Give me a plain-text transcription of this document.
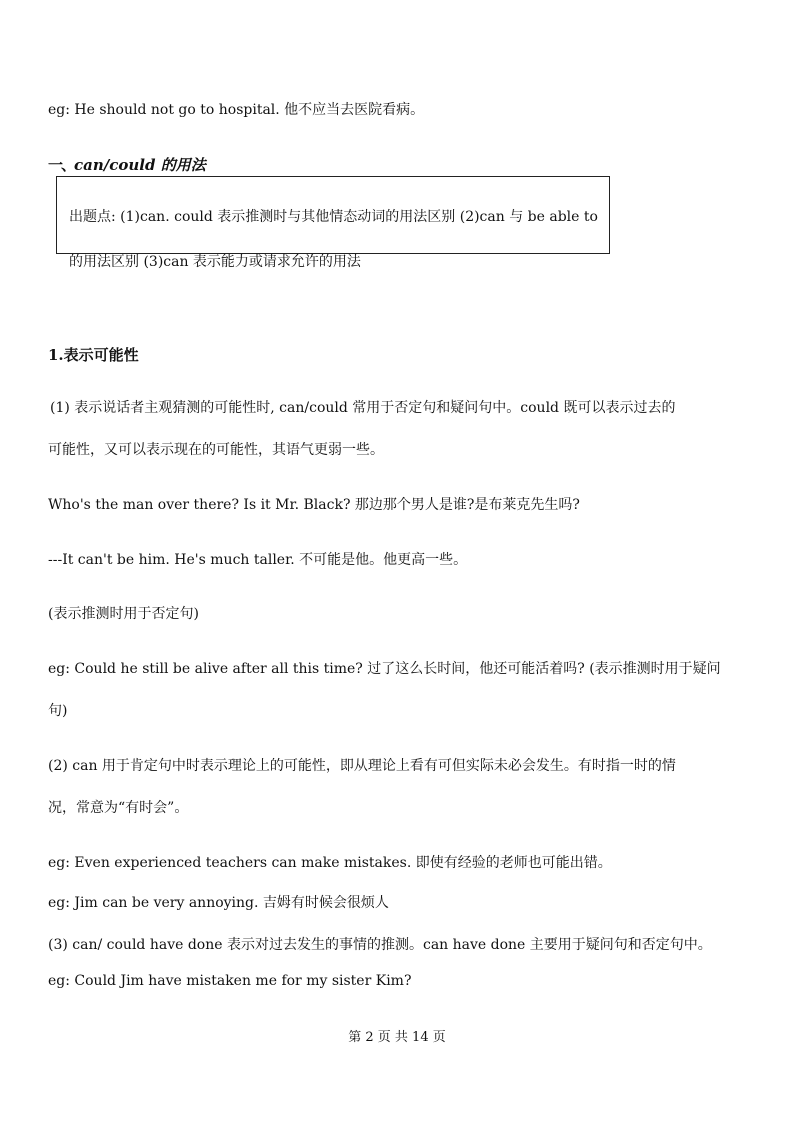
eg: He should not go to hospital. 他不应当去医院看病。
一、can/could 的用法
出题点: (1)can. could 表示推测时与其他情态动词的用法区别 (2)can 与 be able to 的用法区别 (3)can 表示能力或请求允许的用法
1.表示可能性
(1) 表示说话者主观猜测的可能性时, can/could 常用于否定句和疑问句中。could 既可以表示过去的
可能性，又可以表示现在的可能性，其语气更弱一些。
Who's the man over there? Is it Mr. Black? 那边那个男人是谁?是布莱克先生吗?
---It can't be him. He's much taller. 不可能是他。他更高一些。
(表示推测时用于否定句)
eg: Could he still be alive after all this time? 过了这么长时间，他还可能活着吗? (表示推测时用于疑问
句)
(2) can 用于肯定句中时表示理论上的可能性，即从理论上看有可但实际未必会发生。有时指一时的情
况，常意为“有时会”。
eg: Even experienced teachers can make mistakes. 即使有经验的老师也可能出错。
eg: Jim can be very annoying. 吉姆有时候会很烦人
(3) can/ could have done 表示对过去发生的事情的推测。can have done 主要用于疑问句和否定句中。
eg: Could Jim have mistaken me for my sister Kim?
第 2 页 共 14 页
